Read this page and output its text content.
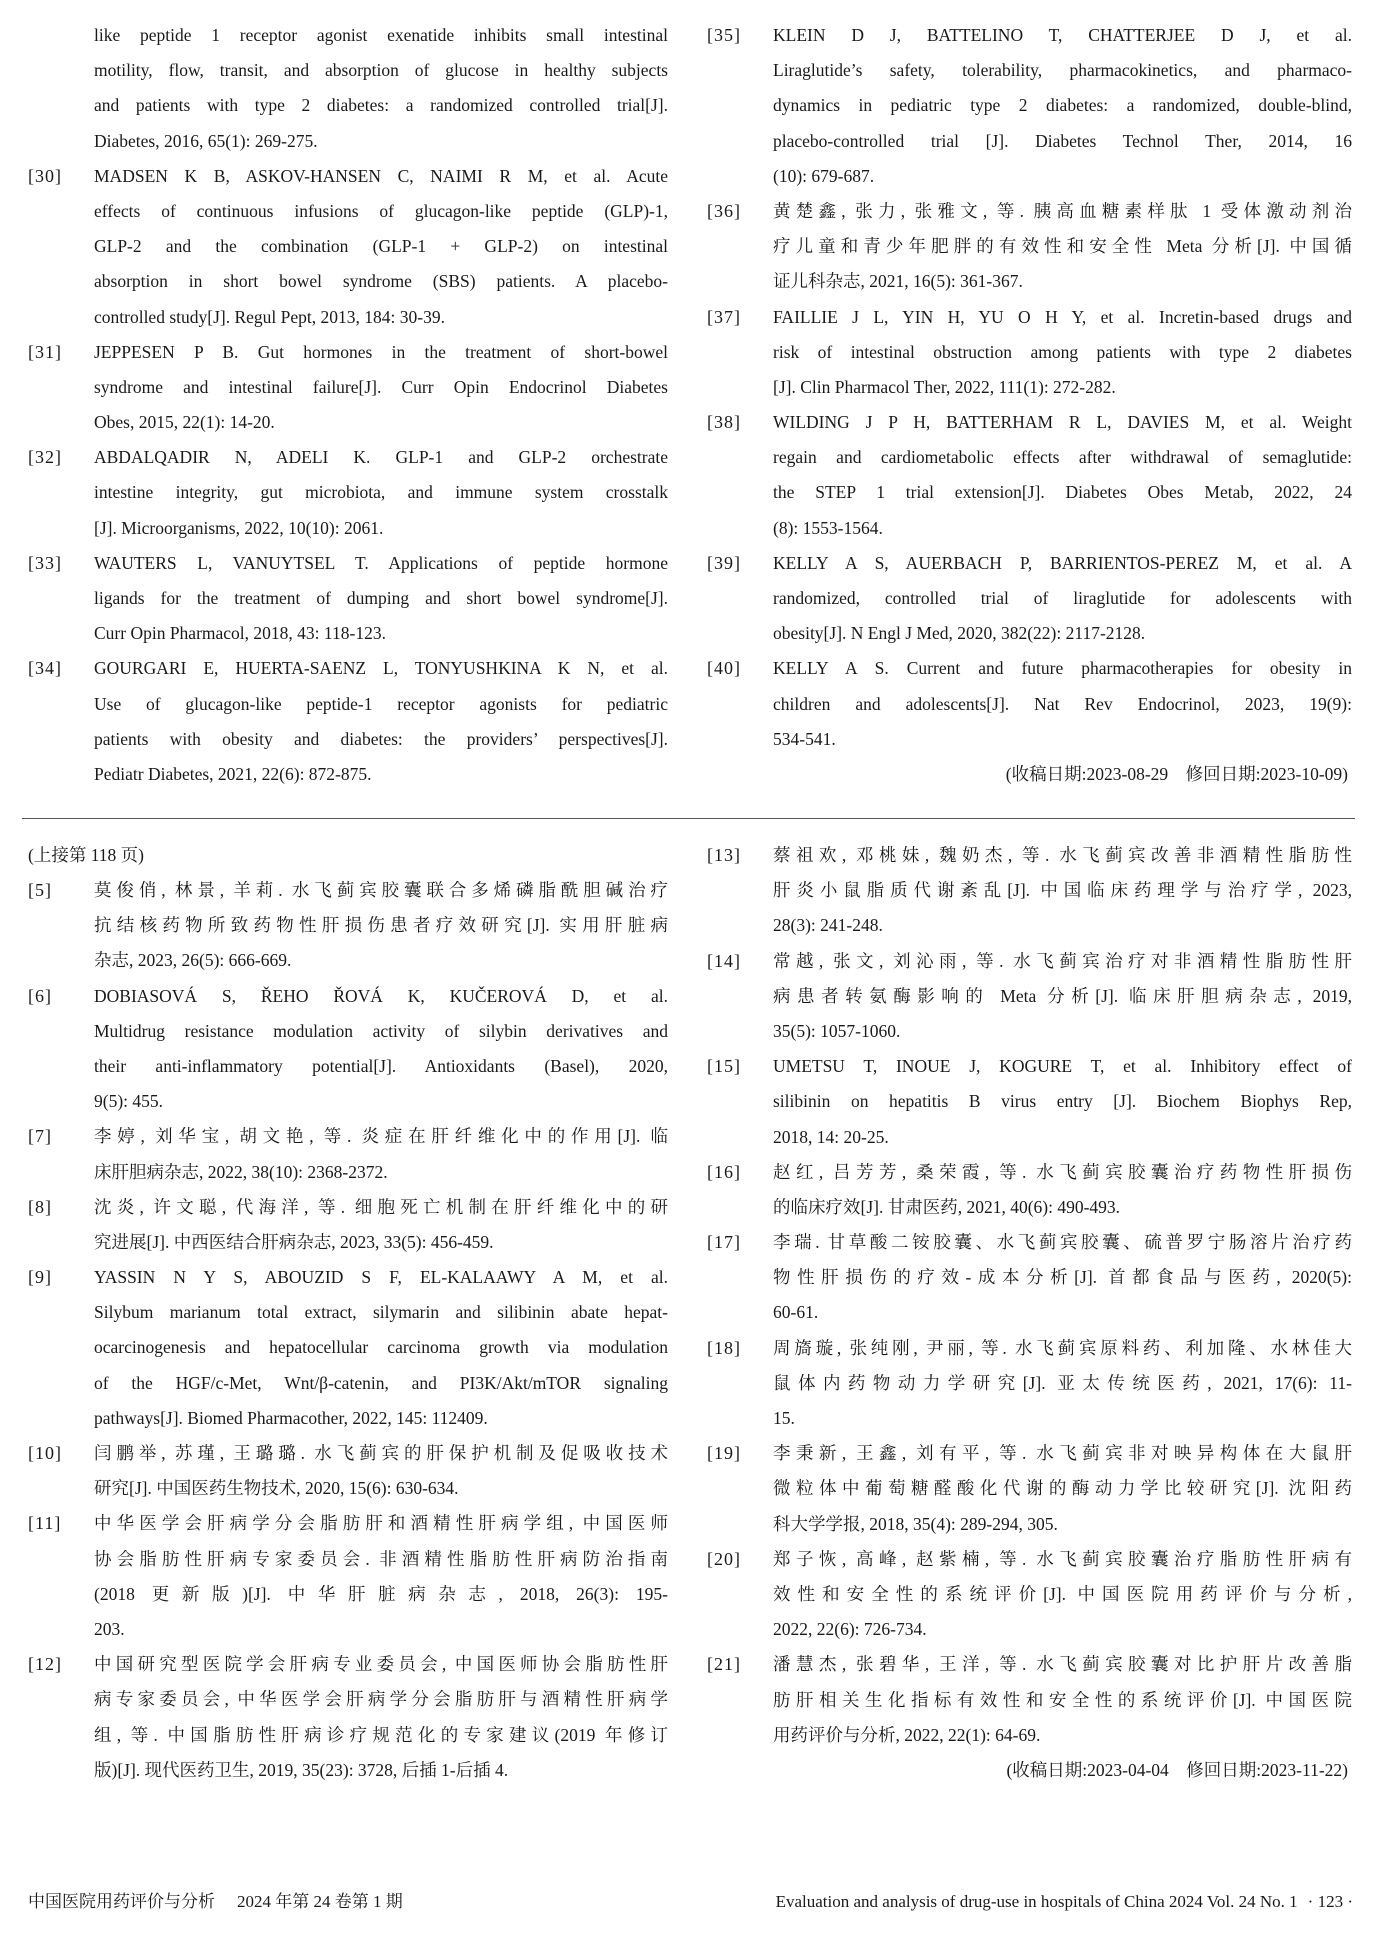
like peptide 1 receptor agonist exenatide inhibits small intestinal
motility, flow, transit, and absorption of glucose in healthy subjects
and patients with type 2 diabetes: a randomized controlled trial[J].
Diabetes, 2016, 65(1): 269-275.
[30] MADSEN K B, ASKOV-HANSEN C, NAIMI R M, et al. Acute
effects of continuous infusions of glucagon-like peptide (GLP)-1,
GLP-2 and the combination (GLP-1 + GLP-2) on intestinal
absorption in short bowel syndrome (SBS) patients. A placebo-
controlled study[J]. Regul Pept, 2013, 184: 30-39.
[31] JEPPESEN P B. Gut hormones in the treatment of short-bowel
syndrome and intestinal failure[J]. Curr Opin Endocrinol Diabetes
Obes, 2015, 22(1): 14-20.
[32] ABDALQADIR N, ADELI K. GLP-1 and GLP-2 orchestrate
intestine integrity, gut microbiota, and immune system crosstalk
[J]. Microorganisms, 2022, 10(10): 2061.
[33] WAUTERS L, VANUYTSEL T. Applications of peptide hormone
ligands for the treatment of dumping and short bowel syndrome[J].
Curr Opin Pharmacol, 2018, 43: 118-123.
[34] GOURGARI E, HUERTA-SAENZ L, TONYUSHKINA K N, et al.
Use of glucagon-like peptide-1 receptor agonists for pediatric
patients with obesity and diabetes: the providers’ perspectives[J].
Pediatr Diabetes, 2021, 22(6): 872-875.
[35] KLEIN D J, BATTELINO T, CHATTERJEE D J, et al.
Liraglutide’s safety, tolerability, pharmacokinetics, and pharmaco-
dynamics in pediatric type 2 diabetes: a randomized, double-blind,
placebo-controlled trial [J]. Diabetes Technol Ther, 2014, 16
(10): 679-687.
[36] 黄楚鑫, 张力, 张雅文, 等. 胰高血糖素样肽 1 受体激动剂治
疗儿童和青少年肥胖的有效性和安全性 Meta 分析[J]. 中国循
证儿科杂志, 2021, 16(5): 361-367.
[37] FAILLIE J L, YIN H, YU O H Y, et al. Incretin-based drugs and
risk of intestinal obstruction among patients with type 2 diabetes
[J]. Clin Pharmacol Ther, 2022, 111(1): 272-282.
[38] WILDING J P H, BATTERHAM R L, DAVIES M, et al. Weight
regain and cardiometabolic effects after withdrawal of semaglutide:
the STEP 1 trial extension[J]. Diabetes Obes Metab, 2022, 24
(8): 1553-1564.
[39] KELLY A S, AUERBACH P, BARRIENTOS-PEREZ M, et al. A
randomized, controlled trial of liraglutide for adolescents with
obesity[J]. N Engl J Med, 2020, 382(22): 2117-2128.
[40] KELLY A S. Current and future pharmacotherapies for obesity in
children and adolescents[J]. Nat Rev Endocrinol, 2023, 19(9):
534-541.
(收稿日期:2023-08-29　修回日期:2023-10-09)
(上接第 118 页)
[5] 莫俊俏, 林景, 羊莉. 水飞蓟宾胶囊联合多烯磷脂酰胆碱治疗
抗结核药物所致药物性肝损伤患者疗效研究[J]. 实用肝脏病
杂志, 2023, 26(5): 666-669.
[6] DOBIASOVÁ S, ŘEHO ŘOVÁ K, KUČEROVÁ D, et al.
Multidrug resistance modulation activity of silybin derivatives and
their anti-inflammatory potential[J]. Antioxidants (Basel), 2020,
9(5): 455.
[7] 李婷, 刘华宝, 胡文艳, 等. 炎症在肝纤维化中的作用[J]. 临
床肝胆病杂志, 2022, 38(10): 2368-2372.
[8] 沈炎, 许文聪, 代海洋, 等. 细胞死亡机制在肝纤维化中的研
究进展[J]. 中西医结合肝病杂志, 2023, 33(5): 456-459.
[9] YASSIN N Y S, ABOUZID S F, EL-KALAAWY A M, et al.
Silybum marianum total extract, silymarin and silibinin abate hepat-
ocarcinogenesis and hepatocellular carcinoma growth via modulation
of the HGF/c-Met, Wnt/β-catenin, and PI3K/Akt/mTOR signaling
pathways[J]. Biomed Pharmacother, 2022, 145: 112409.
[10] 闫鹏举, 苏瑾, 王璐璐. 水飞蓟宾的肝保护机制及促吸收技术
研究[J]. 中国医药生物技术, 2020, 15(6): 630-634.
[11] 中华医学会肝病学分会脂肪肝和酒精性肝病学组, 中国医师
协会脂肪性肝病专家委员会. 非酒精性脂肪性肝病防治指南
(2018 更新版)[J]. 中华肝脏病杂志, 2018, 26(3): 195-
203.
[12] 中国研究型医院学会肝病专业委员会, 中国医师协会脂肪性肝
病专家委员会, 中华医学会肝病学分会脂肪肝与酒精性肝病学
组, 等. 中国脂肪性肝病诊疗规范化的专家建议(2019 年修订
版)[J]. 现代医药卫生, 2019, 35(23): 3728, 后插 1-后插 4.
[13] 蔡祖欢, 邓桃妹, 魏奶杰, 等. 水飞蓟宾改善非酒精性脂肪性
肝炎小鼠脂质代谢紊乱[J]. 中国临床药理学与治疗学, 2023,
28(3): 241-248.
[14] 常越, 张文, 刘沁雨, 等. 水飞蓟宾治疗对非酒精性脂肪性肝
病患者转氨酶影响的 Meta 分析[J]. 临床肝胆病杂志, 2019,
35(5): 1057-1060.
[15] UMETSU T, INOUE J, KOGURE T, et al. Inhibitory effect of
silibinin on hepatitis B virus entry [J]. Biochem Biophys Rep,
2018, 14: 20-25.
[16] 赵红, 吕芳芳, 桑荣霞, 等. 水飞蓟宾胶囊治疗药物性肝损伤
的临床疗效[J]. 甘肃医药, 2021, 40(6): 490-493.
[17] 李瑞. 甘草酸二铵胶囊、水飞蓟宾胶囊、硫普罗宁肠溶片治疗药
物性肝损伤的疗效-成本分析[J]. 首都食品与医药, 2020(5):
60-61.
[18] 周旖璇, 张纯刚, 尹丽, 等. 水飞蓟宾原料药、利加隆、水林佳大
鼠体内药物动力学研究[J]. 亚太传统医药, 2021, 17(6): 11-
15.
[19] 李秉新, 王鑫, 刘有平, 等. 水飞蓟宾非对映异构体在大鼠肝
微粒体中葡萄糖醛酸化代谢的酶动力学比较研究[J]. 沈阳药
科大学学报, 2018, 35(4): 289-294, 305.
[20] 郑子恢, 高峰, 赵紫楠, 等. 水飞蓟宾胶囊治疗脂肪性肝病有
效性和安全性的系统评价[J]. 中国医院用药评价与分析,
2022, 22(6): 726-734.
[21] 潘慧杰, 张碧华, 王洋, 等. 水飞蓟宾胶囊对比护肝片改善脂
肪肝相关生化指标有效性和安全性的系统评价[J]. 中国医院
用药评价与分析, 2022, 22(1): 64-69.
(收稿日期:2023-04-04　修回日期:2023-11-22)
中国医院用药评价与分析 2024 年第 24 卷第 1 期	Evaluation and analysis of drug-use in hospitals of China 2024 Vol. 24 No. 1 · 123 ·
